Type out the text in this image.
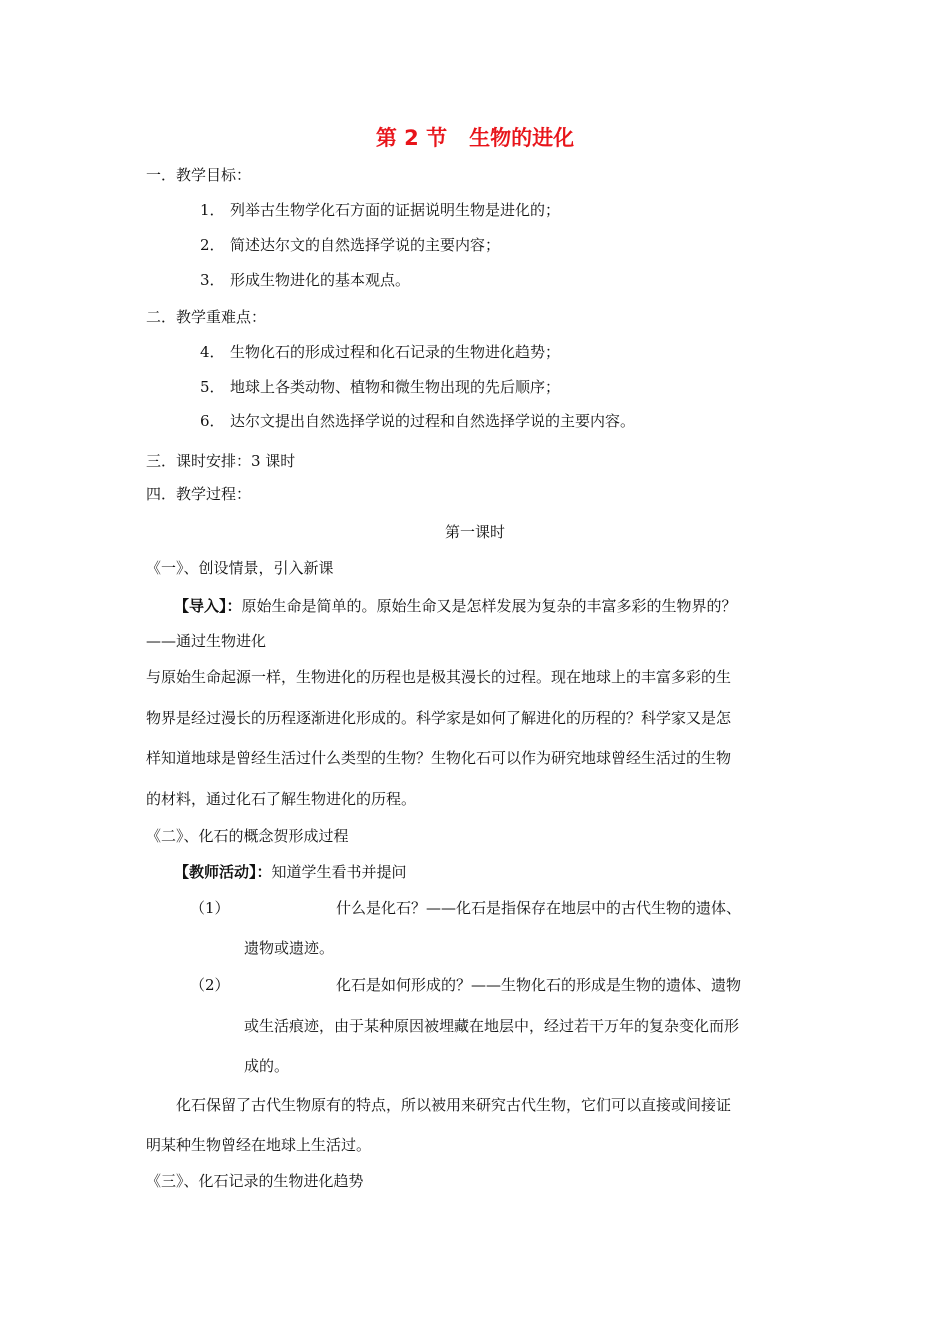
第 2 节 生物的进化
一．教学目标：
1． 列举古生物学化石方面的证据说明生物是进化的；
2． 简述达尔文的自然选择学说的主要内容；
3． 形成生物进化的基本观点。
二．教学重难点：
4． 生物化石的形成过程和化石记录的生物进化趋势；
5． 地球上各类动物、植物和微生物出现的先后顺序；
6． 达尔文提出自然选择学说的过程和自然选择学说的主要内容。
三．课时安排：3 课时
四．教学过程：
第一课时
《一》、创设情景，引入新课
【导入】：原始生命是简单的。原始生命又是怎样发展为复杂的丰富多彩的生物界的？
——通过生物进化
与原始生命起源一样，生物进化的历程也是极其漫长的过程。现在地球上的丰富多彩的生
物界是经过漫长的历程逐渐进化形成的。科学家是如何了解进化的历程的？科学家又是怎
样知道地球是曾经生活过什么类型的生物？生物化石可以作为研究地球曾经生活过的生物
的材料，通过化石了解生物进化的历程。
《二》、化石的概念贺形成过程
【教师活动】：知道学生看书并提问
（1）	什么是化石？——化石是指保存在地层中的古代生物的遗体、
遗物或遗迹。
（2）	化石是如何形成的？——生物化石的形成是生物的遗体、遗物
或生活痕迹，由于某种原因被埋藏在地层中，经过若干万年的复杂变化而形
成的。
化石保留了古代生物原有的特点，所以被用来研究古代生物，它们可以直接或间接证
明某种生物曾经在地球上生活过。
《三》、化石记录的生物进化趋势
